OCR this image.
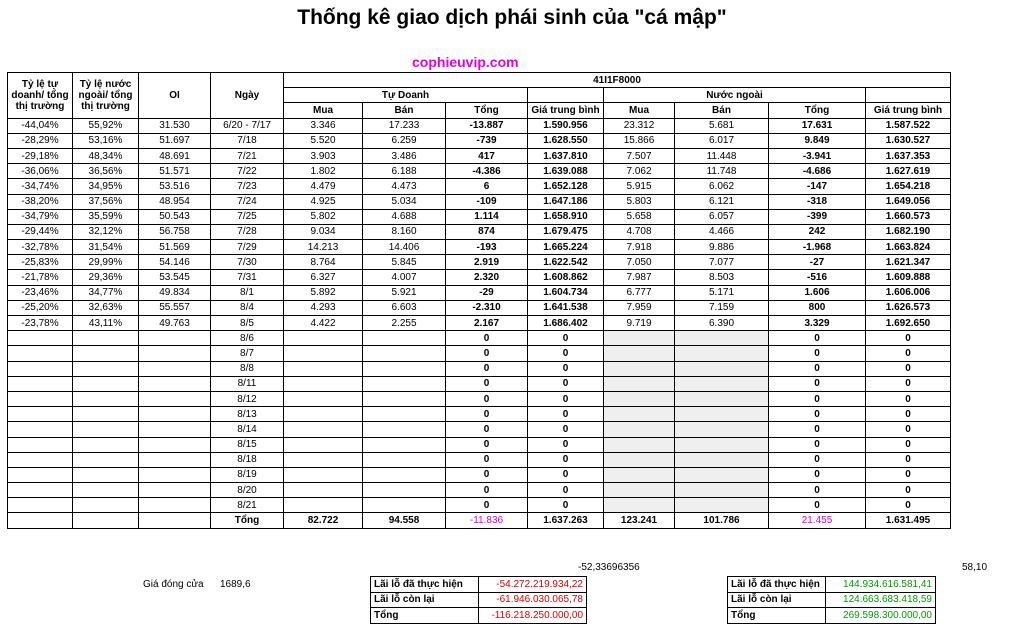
Thống kê giao dịch phái sinh của "cá mập"
cophieuvip.com
Tỷ lệ tự doanh/ tổng thị trường	Tỷ lệ nước ngoài/ tổng thị trường	OI	Ngày	41I1F8000							
				Tự Doanh				Nước ngoài			
				Mua	Bán	Tổng	Giá trung bình	Mua	Bán	Tổng	Giá trung bình
-44,04%	55,92%	31.530	6/20 - 7/17	3.346	17.233	-13.887	1.590.956	23.312	5.681	17.631	1.587.522
-28,29%	53,16%	51.697	7/18	5.520	6.259	-739	1.628.550	15.866	6.017	9.849	1.630.527
-29,18%	48,34%	48.691	7/21	3.903	3.486	417	1.637.810	7.507	11.448	-3.941	1.637.353
-36,06%	36,56%	51.571	7/22	1.802	6.188	-4.386	1.639.088	7.062	11.748	-4.686	1.627.619
-34,74%	34,95%	53.516	7/23	4.479	4.473	6	1.652.128	5.915	6.062	-147	1.654.218
-38,20%	37,56%	48.954	7/24	4.925	5.034	-109	1.647.186	5.803	6.121	-318	1.649.056
-34,79%	35,59%	50.543	7/25	5.802	4.688	1.114	1.658.910	5.658	6.057	-399	1.660.573
-29,44%	32,12%	56.758	7/28	9.034	8.160	874	1.679.475	4.708	4.466	242	1.682.190
-32,78%	31,54%	51.569	7/29	14.213	14.406	-193	1.665.224	7.918	9.886	-1.968	1.663.824
-25,83%	29,99%	54.146	7/30	8.764	5.845	2.919	1.622.542	7.050	7.077	-27	1.621.347
-21,78%	29,36%	53.545	7/31	6.327	4.007	2.320	1.608.862	7.987	8.503	-516	1.609.888
-23,46%	34,77%	49.834	8/1	5.892	5.921	-29	1.604.734	6.777	5.171	1.606	1.606.006
-25,20%	32,63%	55.557	8/4	4.293	6.603	-2.310	1.641.538	7.959	7.159	800	1.626.573
-23,78%	43,11%	49.763	8/5	4.422	2.255	2.167	1.686.402	9.719	6.390	3.329	1.692.650
			8/6			0	0			0	0
			8/7			0	0			0	0
			8/8			0	0			0	0
			8/11			0	0			0	0
			8/12			0	0			0	0
			8/13			0	0			0	0
			8/14			0	0			0	0
			8/15			0	0			0	0
			8/18			0	0			0	0
			8/19			0	0			0	0
			8/20			0	0			0	0
			8/21			0	0			0	0
			Tổng	82.722	94.558	-11.836	1.637.263	123.241	101.786	21.455	1.631.495
-52,33696356	58,10
Giá đóng cửa 1689,6	Lãi lỗ đã thực hiện	-54.272.219.934,22
Lãi lỗ còn lại	-61.946.030.065,78
Tổng	-116.218.250.000,00
Lãi lỗ đã thực hiện	144.934.616.581,41
Lãi lỗ còn lại	124.663.683.418,59
Tổng	269.598.300.000,00
